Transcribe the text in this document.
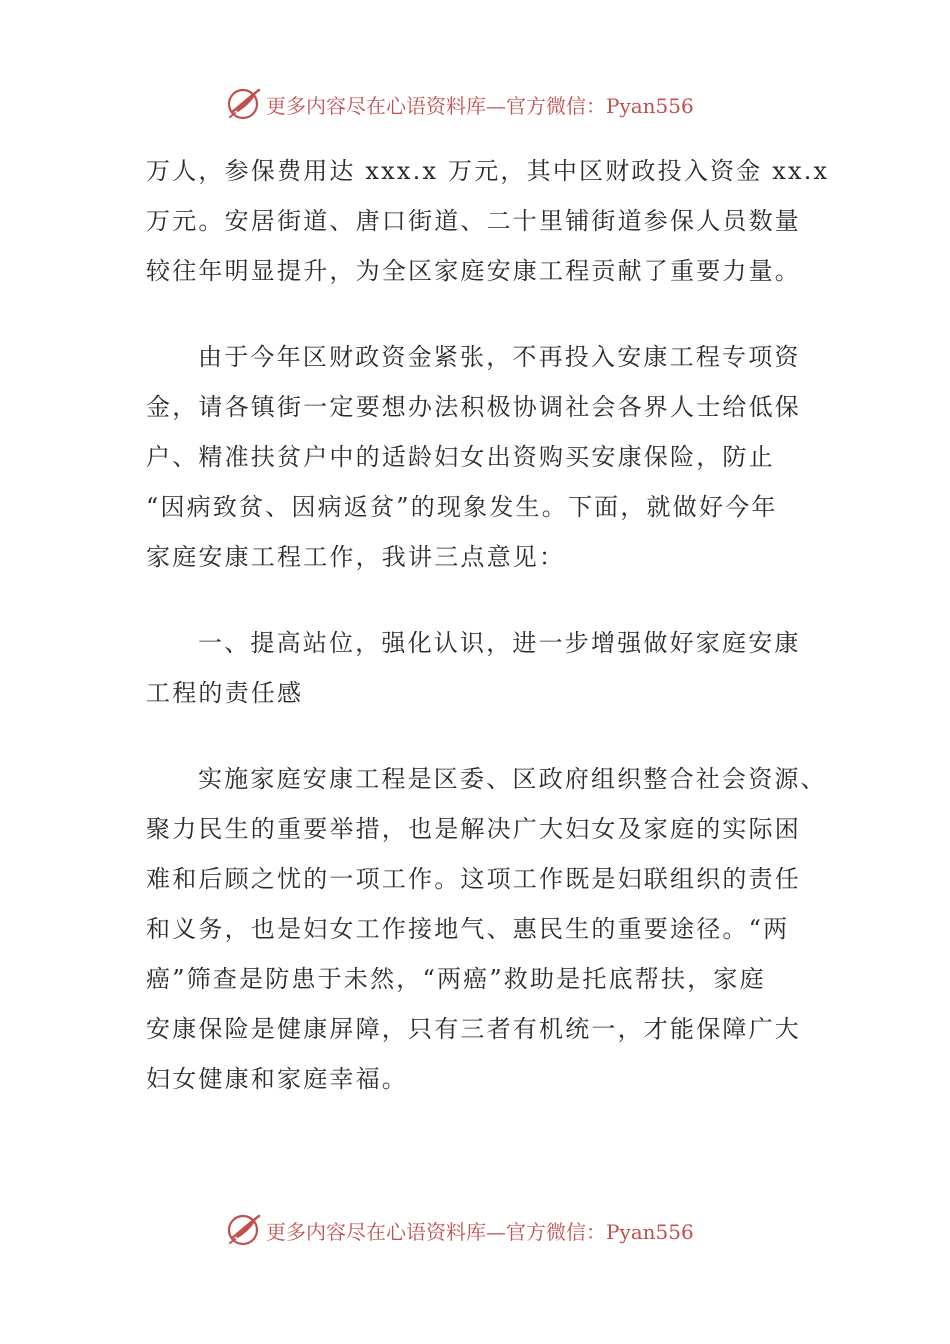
更多内容尽在心语资料库—官方微信：Pyan556

万人，参保费用达 xxx.x 万元，其中区财政投入资金 xx.x
万元。安居街道、唐口街道、二十里铺街道参保人员数量
较往年明显提升，为全区家庭安康工程贡献了重要力量。

由于今年区财政资金紧张，不再投入安康工程专项资
金，请各镇街一定要想办法积极协调社会各界人士给低保
户、精准扶贫户中的适龄妇女出资购买安康保险，防止
“因病致贫、因病返贫”的现象发生。下面，就做好今年
家庭安康工程工作，我讲三点意见：

一、提高站位，强化认识，进一步增强做好家庭安康
工程的责任感

实施家庭安康工程是区委、区政府组织整合社会资源、
聚力民生的重要举措，也是解决广大妇女及家庭的实际困
难和后顾之忧的一项工作。这项工作既是妇联组织的责任
和义务，也是妇女工作接地气、惠民生的重要途径。“两
癌”筛查是防患于未然，“两癌”救助是托底帮扶，家庭
安康保险是健康屏障，只有三者有机统一，才能保障广大
妇女健康和家庭幸福。

更多内容尽在心语资料库—官方微信：Pyan556
